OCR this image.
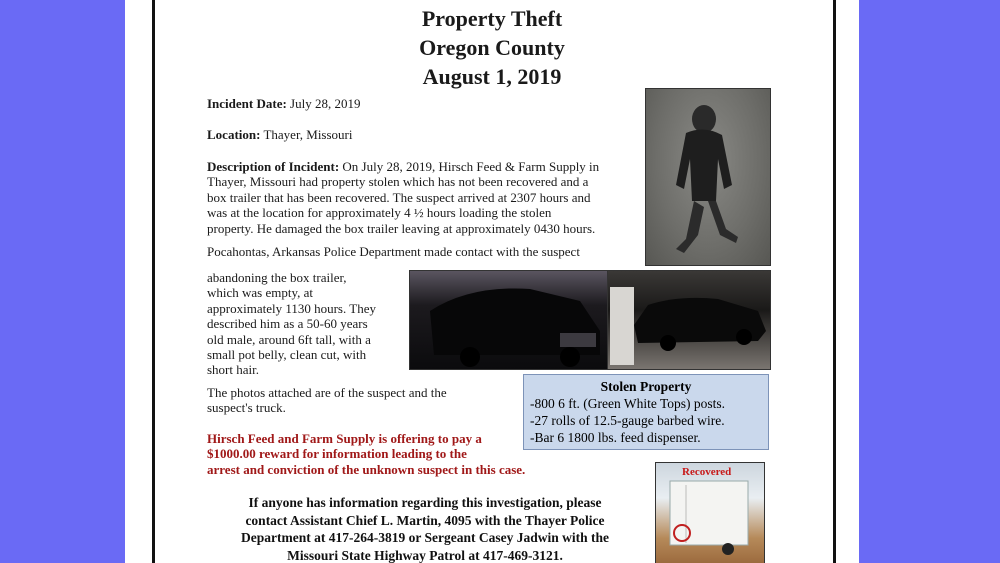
Property Theft
Oregon County
August 1, 2019
Incident Date: July 28, 2019
Location: Thayer, Missouri
Description of Incident: On July 28, 2019, Hirsch Feed & Farm Supply in
Thayer, Missouri had property stolen which has not been recovered and a
box trailer that has been recovered. The suspect arrived at 2307 hours and
was at the location for approximately 4 ½ hours loading the stolen
property. He damaged the box trailer leaving at approximately 0430 hours.
Pocahontas, Arkansas Police Department made contact with the suspect
abandoning the box trailer,
which was empty, at
approximately 1130 hours. They
described him as a 50-60 years
old male, around 6ft tall, with a
small pot belly, clean cut, with
short hair.
The photos attached are of the suspect and the
suspect's truck.
Hirsch Feed and Farm Supply is offering to pay a
$1000.00 reward for information leading to the
arrest and conviction of the unknown suspect in this case.
Stolen Property
-800 6 ft. (Green White Tops) posts.
-27 rolls of 12.5-gauge barbed wire.
-Bar 6 1800 lbs. feed dispenser.
Recovered
If anyone has information regarding this investigation, please
contact Assistant Chief L. Martin, 4095 with the Thayer Police
Department at 417-264-3819 or Sergeant Casey Jadwin with the
Missouri State Highway Patrol at 417-469-3121.
